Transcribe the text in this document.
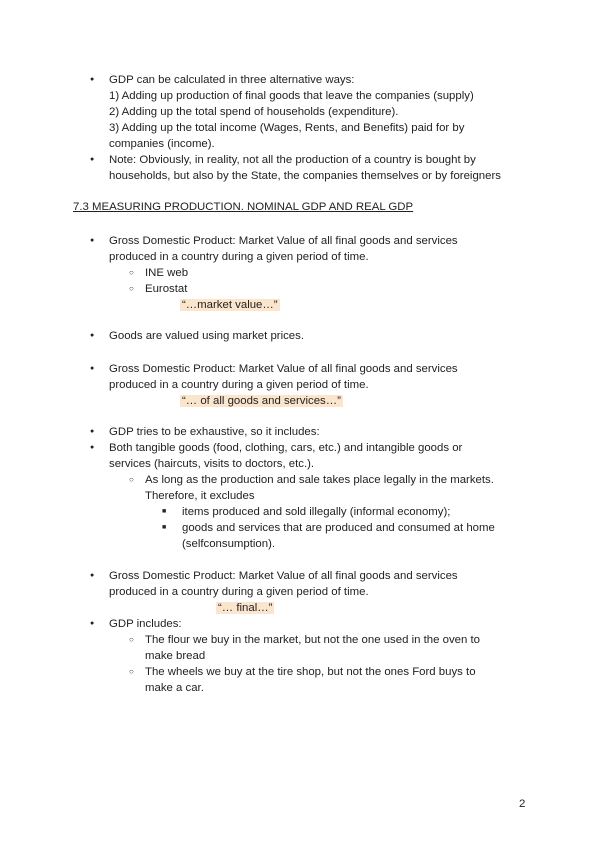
● GDP can be calculated in three alternative ways:

1) Adding up production of final goods that leave the companies (supply)

2) Adding up the total spend of households (expenditure).

3) Adding up the total income (Wages, Rents, and Benefits) paid for by

companies (income).

● Note: Obviously, in reality, not all the production of a country is bought by

households, but also by the State, the companies themselves or by foreigners

7.3 MEASURING PRODUCTION. NOMINAL GDP AND REAL GDP

● Gross Domestic Product: Market Value of all final goods and services

produced in a country during a given period of time.

○ INE web

○ Eurostat

“…market value…”

● Goods are valued using market prices.

● Gross Domestic Product: Market Value of all final goods and services

produced in a country during a given period of time.

“… of all goods and services…”

● GDP tries to be exhaustive, so it includes:

● Both tangible goods (food, clothing, cars, etc.) and intangible goods or

services (haircuts, visits to doctors, etc.).

○ As long as the production and sale takes place legally in the markets.

Therefore, it excludes

■ items produced and sold illegally (informal economy);

■ goods and services that are produced and consumed at home

(selfconsumption).

● Gross Domestic Product: Market Value of all final goods and services

produced in a country during a given period of time.

“… final…”

● GDP includes:

○ The flour we buy in the market, but not the one used in the oven to

make bread

○ The wheels we buy at the tire shop, but not the ones Ford buys to

make a car.

2
